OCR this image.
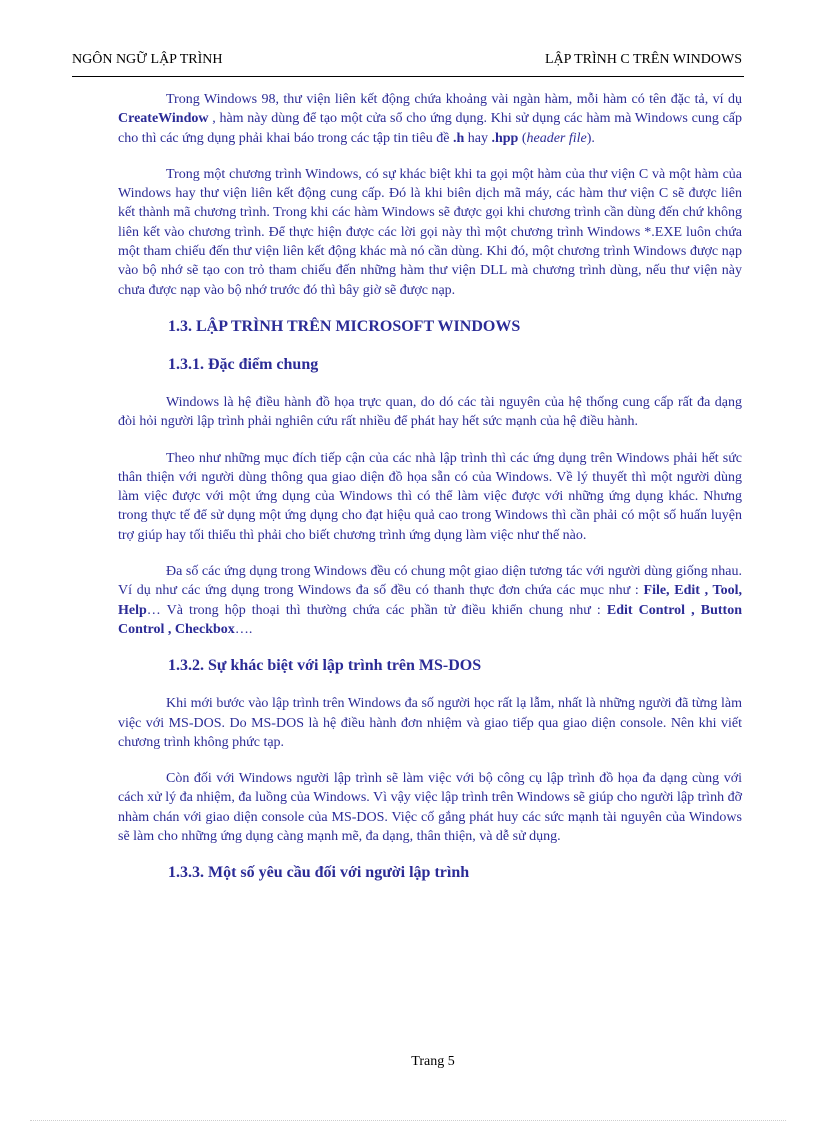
NGÔN NGỮ LẬP TRÌNH	LẬP TRÌNH C TRÊN WINDOWS

Trong Windows 98, thư viện liên kết động chứa khoảng vài ngàn hàm, mỗi hàm có tên đặc tả, ví dụ CreateWindow , hàm này dùng để tạo một cửa sổ cho ứng dụng. Khi sử dụng các hàm mà Windows cung cấp cho thì các ứng dụng phải khai báo trong các tập tin tiêu đề .h hay .hpp (header file).

Trong một chương trình Windows, có sự khác biệt khi ta gọi một hàm của thư viện C và một hàm của Windows hay thư viện liên kết động cung cấp. Đó là khi biên dịch mã máy, các hàm thư viện C sẽ được liên kết thành mã chương trình. Trong khi các hàm Windows sẽ được gọi khi chương trình cần dùng đến chứ không liên kết vào chương trình. Để thực hiện được các lời gọi này thì một chương trình Windows *.EXE luôn chứa một tham chiếu đến thư viện liên kết động khác mà nó cần dùng. Khi đó, một chương trình Windows được nạp vào bộ nhớ sẽ tạo con trỏ tham chiếu đến những hàm thư viện DLL mà chương trình dùng, nếu thư viện này chưa được nạp vào bộ nhớ trước đó thì bây giờ sẽ được nạp.

1.3. LẬP TRÌNH TRÊN MICROSOFT WINDOWS
1.3.1. Đặc điểm chung

Windows là hệ điều hành đồ họa trực quan, do dó các tài nguyên của hệ thống cung cấp rất đa dạng đòi hỏi người lập trình phải nghiên cứu rất nhiều để phát hay hết sức mạnh của hệ điều hành.

Theo như những mục đích tiếp cận của các nhà lập trình thì các ứng dụng trên Windows phải hết sức thân thiện với người dùng thông qua giao diện đồ họa sẵn có của Windows. Về lý thuyết thì một người dùng làm việc được với một ứng dụng của Windows thì có thể làm việc được với những ứng dụng khác. Nhưng trong thực tế để sử dụng một ứng dụng cho đạt hiệu quả cao trong Windows thì cần phải có một số huấn luyện trợ giúp hay tối thiểu thì phải cho biết chương trình ứng dụng làm việc như thế nào.

Đa số các ứng dụng trong Windows đều có chung một giao diện tương tác với người dùng giống nhau. Ví dụ như các ứng dụng trong Windows đa số đều có thanh thực đơn chứa các mục như : File, Edit , Tool, Help… Và trong hộp thoại thì thường chứa các phần tử điều khiển chung như : Edit Control , Button Control , Checkbox….

1.3.2. Sự khác biệt với lập trình trên MS-DOS

Khi mới bước vào lập trình trên Windows đa số người học rất lạ lẫm, nhất là những người đã từng làm việc với MS-DOS. Do MS-DOS là hệ điều hành đơn nhiệm và giao tiếp qua giao diện console. Nên khi viết chương trình không phức tạp.

Còn đối với Windows người lập trình sẽ làm việc với bộ công cụ lập trình đồ họa đa dạng cùng với cách xử lý đa nhiệm, đa luồng của Windows. Vì vậy việc lập trình trên Windows sẽ giúp cho người lập trình đỡ nhàm chán với giao diện console của MS-DOS. Việc cố gắng phát huy các sức mạnh tài nguyên của Windows sẽ làm cho những ứng dụng càng mạnh mẽ, đa dạng, thân thiện, và dễ sử dụng.

1.3.3. Một số yêu cầu đối với người lập trình
Trang 5
